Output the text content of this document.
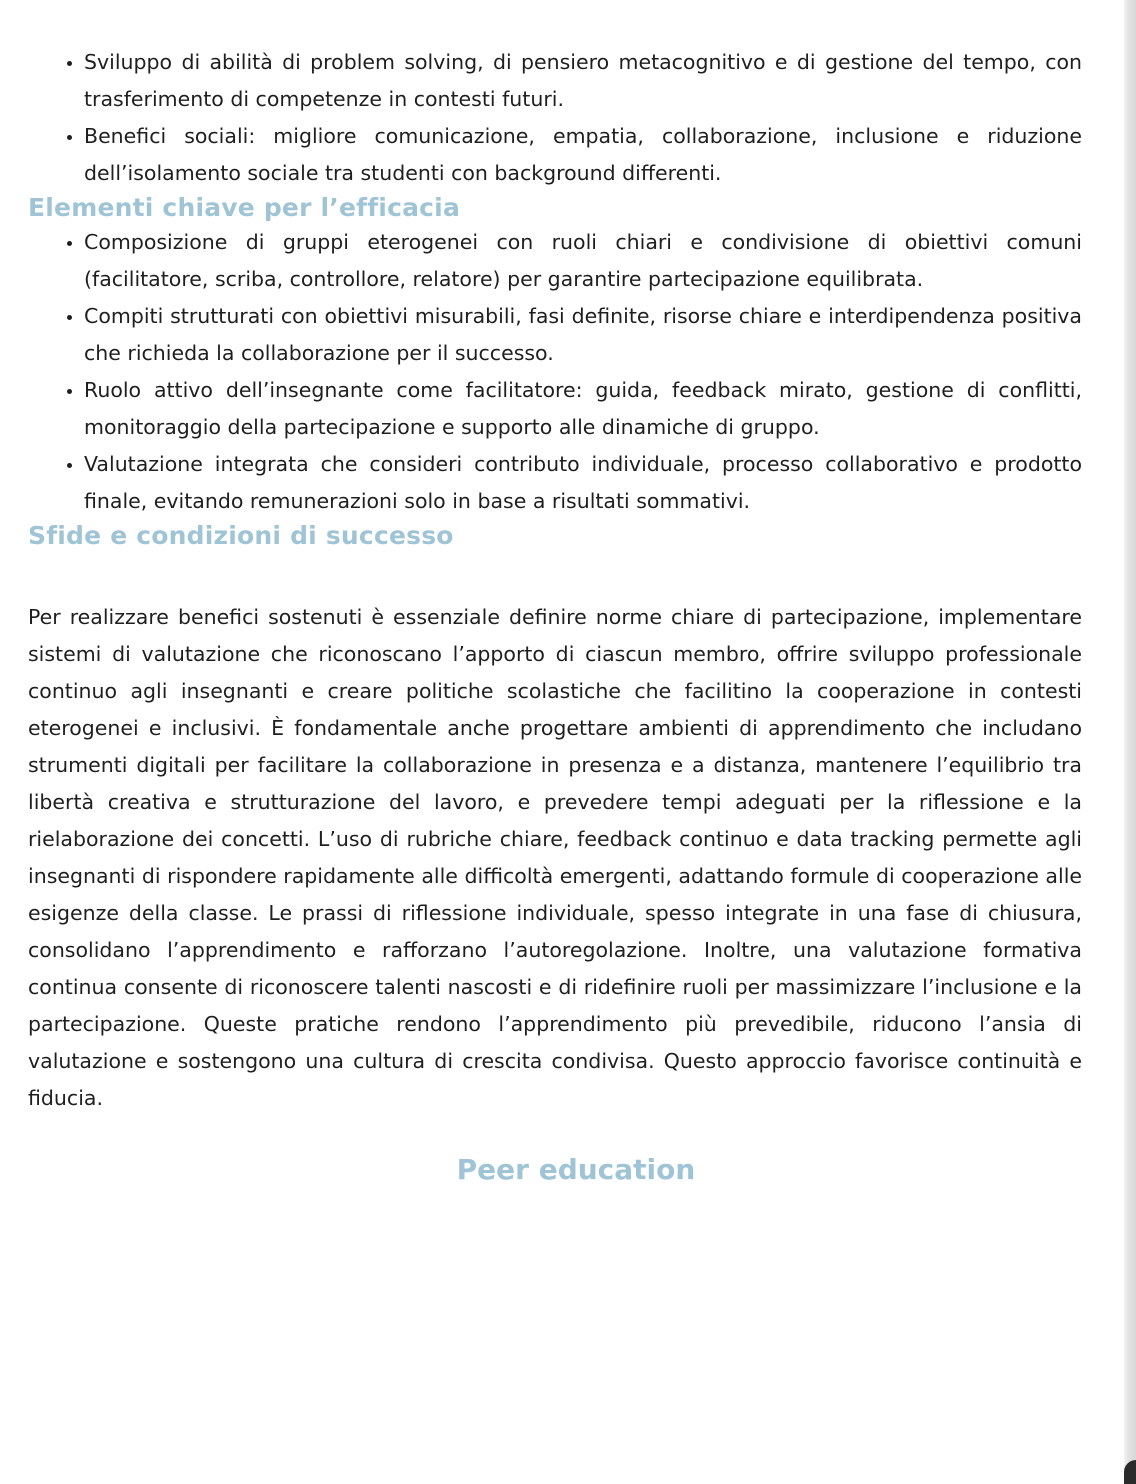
• Sviluppo di abilità di problem solving, di pensiero metacognitivo e di gestione del tempo, con trasferimento di competenze in contesti futuri.
• Benefici sociali: migliore comunicazione, empatia, collaborazione, inclusione e riduzione dell’isolamento sociale tra studenti con background differenti.
Elementi chiave per l’efficacia
• Composizione di gruppi eterogenei con ruoli chiari e condivisione di obiettivi comuni (facilitatore, scriba, controllore, relatore) per garantire partecipazione equilibrata.
• Compiti strutturati con obiettivi misurabili, fasi definite, risorse chiare e interdipendenza positiva che richieda la collaborazione per il successo.
• Ruolo attivo dell’insegnante come facilitatore: guida, feedback mirato, gestione di conflitti, monitoraggio della partecipazione e supporto alle dinamiche di gruppo.
• Valutazione integrata che consideri contributo individuale, processo collaborativo e prodotto finale, evitando remunerazioni solo in base a risultati sommativi.
Sfide e condizioni di successo

Per realizzare benefici sostenuti è essenziale definire norme chiare di partecipazione, implementare sistemi di valutazione che riconoscano l’apporto di ciascun membro, offrire sviluppo professionale continuo agli insegnanti e creare politiche scolastiche che facilitino la cooperazione in contesti eterogenei e inclusivi. È fondamentale anche progettare ambienti di apprendimento che includano strumenti digitali per facilitare la collaborazione in presenza e a distanza, mantenere l’equilibrio tra libertà creativa e strutturazione del lavoro, e prevedere tempi adeguati per la riflessione e la rielaborazione dei concetti. L’uso di rubriche chiare, feedback continuo e data tracking permette agli insegnanti di rispondere rapidamente alle difficoltà emergenti, adattando formule di cooperazione alle esigenze della classe. Le prassi di riflessione individuale, spesso integrate in una fase di chiusura, consolidano l’apprendimento e rafforzano l’autoregolazione. Inoltre, una valutazione formativa continua consente di riconoscere talenti nascosti e di ridefinire ruoli per massimizzare l’inclusione e la partecipazione. Queste pratiche rendono l’apprendimento più prevedibile, riducono l’ansia di valutazione e sostengono una cultura di crescita condivisa. Questo approccio favorisce continuità e fiducia.

Peer education
